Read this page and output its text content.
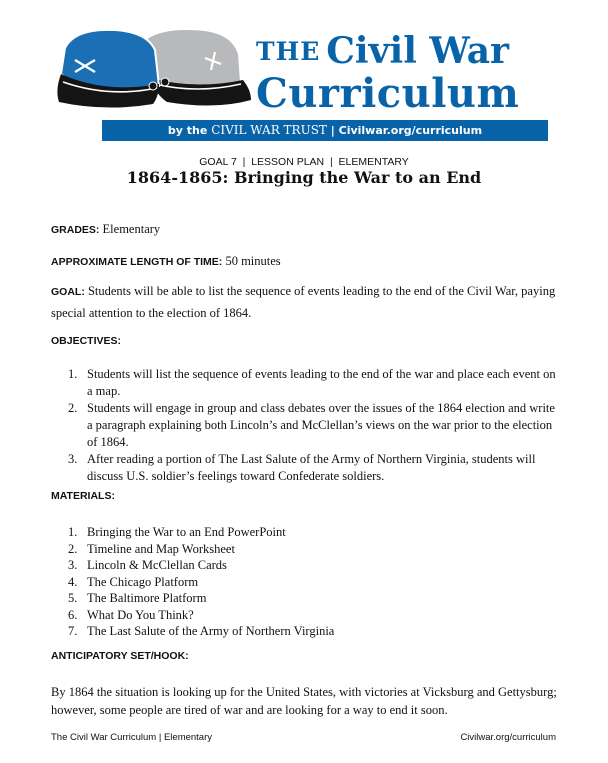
THE Civil War
Curriculum
by the CIVIL WAR TRUST | Civilwar.org/curriculum
GOAL 7  |  LESSON PLAN  |  ELEMENTARY
1864-1865: Bringing the War to an End
GRADES: Elementary
APPROXIMATE LENGTH OF TIME: 50 minutes
GOAL: Students will be able to list the sequence of events leading to the end of the Civil War, paying special attention to the election of 1864.
OBJECTIVES:
1. Students will list the sequence of events leading to the end of the war and place each event on a map.
2. Students will engage in group and class debates over the issues of the 1864 election and write a paragraph explaining both Lincoln’s and McClellan’s views on the war prior to the election of 1864.
3. After reading a portion of The Last Salute of the Army of Northern Virginia, students will discuss U.S. soldier’s feelings toward Confederate soldiers.
MATERIALS:
1. Bringing the War to an End PowerPoint
2. Timeline and Map Worksheet
3. Lincoln & McClellan Cards
4. The Chicago Platform
5. The Baltimore Platform
6. What Do You Think?
7. The Last Salute of the Army of Northern Virginia
ANTICIPATORY SET/HOOK:
By 1864 the situation is looking up for the United States, with victories at Vicksburg and Gettysburg; however, some people are tired of war and are looking for a way to end it soon.
The Civil War Curriculum | Elementary	Civilwar.org/curriculum
